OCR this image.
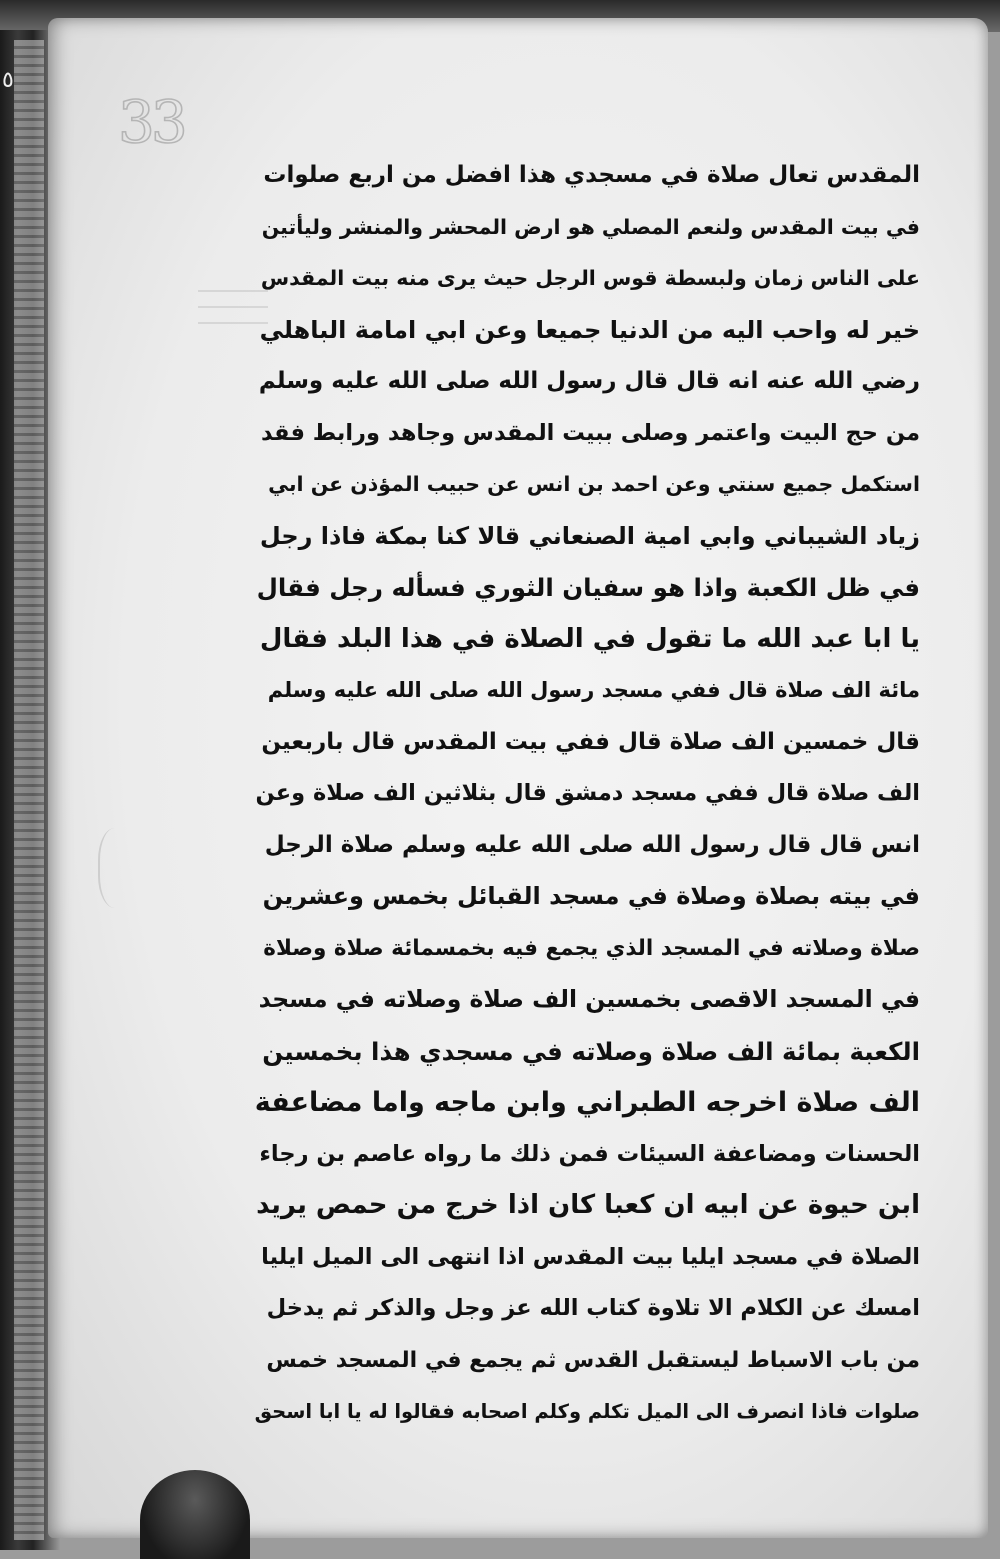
٥
33
المقدس تعال صلاة في مسجدي هذا افضل من اربع صلوات
في بيت المقدس ولنعم المصلي هو ارض المحشر والمنشر وليأتين
على الناس زمان ولبسطة قوس الرجل حيث يرى منه بيت المقدس
خير له واحب اليه من الدنيا جميعا وعن ابي امامة الباهلي
رضي الله عنه انه قال قال رسول الله صلى الله عليه وسلم
من حج البيت واعتمر وصلى ببيت المقدس وجاهد ورابط فقد
استكمل جميع سنتي وعن احمد بن انس عن حبيب المؤذن عن ابي
زياد الشيباني وابي امية الصنعاني قالا كنا بمكة فاذا رجل
في ظل الكعبة واذا هو سفيان الثوري فسأله رجل فقال
يا ابا عبد الله ما تقول في الصلاة في هذا البلد فقال
مائة الف صلاة قال ففي مسجد رسول الله صلى الله عليه وسلم
قال خمسين الف صلاة قال ففي بيت المقدس قال باربعين
الف صلاة قال ففي مسجد دمشق قال بثلاثين الف صلاة وعن
انس قال قال رسول الله صلى الله عليه وسلم صلاة الرجل
في بيته بصلاة وصلاة في مسجد القبائل بخمس وعشرين
صلاة وصلاته في المسجد الذي يجمع فيه بخمسمائة صلاة وصلاة
في المسجد الاقصى بخمسين الف صلاة وصلاته في مسجد
الكعبة بمائة الف صلاة وصلاته في مسجدي هذا بخمسين
الف صلاة اخرجه الطبراني وابن ماجه واما مضاعفة
الحسنات ومضاعفة السيئات فمن ذلك ما رواه عاصم بن رجاء
ابن حيوة عن ابيه ان كعبا كان اذا خرج من حمص يريد
الصلاة في مسجد ايليا بيت المقدس اذا انتهى الى الميل ايليا
امسك عن الكلام الا تلاوة كتاب الله عز وجل والذكر ثم يدخل
من باب الاسباط ليستقبل القدس ثم يجمع في المسجد خمس
صلوات فاذا انصرف الى الميل تكلم وكلم اصحابه فقالوا له يا ابا اسحق
